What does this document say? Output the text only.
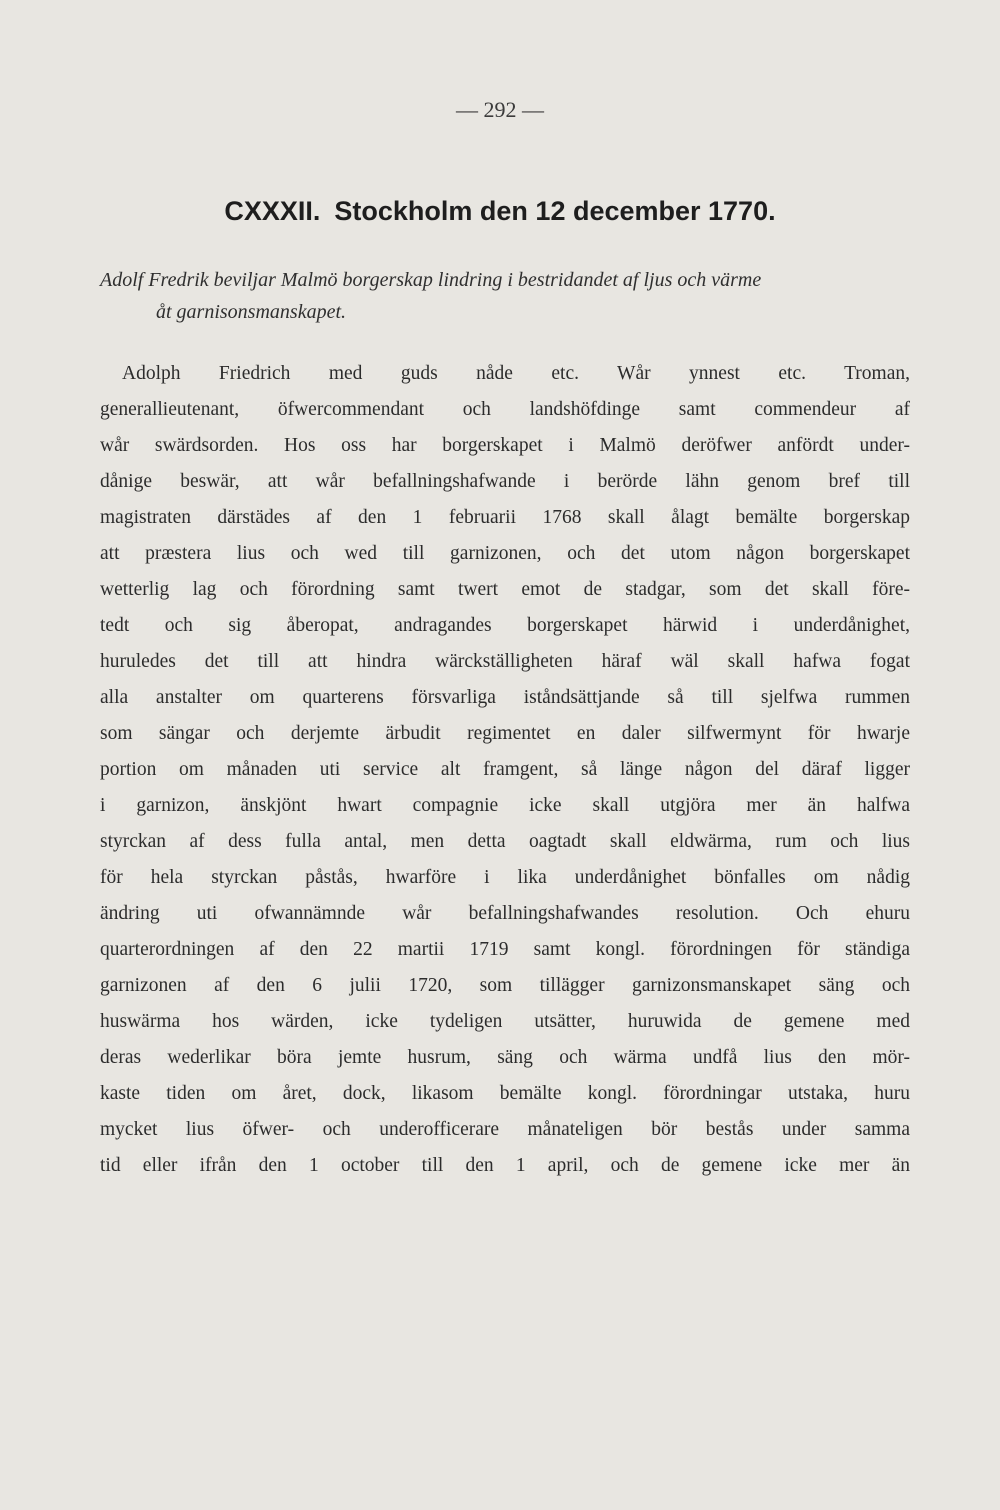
— 292 —
CXXXII. Stockholm den 12 december 1770.
Adolf Fredrik beviljar Malmö borgerskap lindring i bestridandet af ljus och värme
åt garnisonsmanskapet.
Adolph Friedrich med guds nåde etc. Wår ynnest etc. Troman,
generallieutenant, öfwercommendant och landshöfdinge samt commendeur af
wår swärdsorden. Hos oss har borgerskapet i Malmö deröfwer anfördt under-
dånige beswär, att wår befallningshafwande i berörde lähn genom bref till
magistraten därstädes af den 1 februarii 1768 skall ålagt bemälte borgerskap
att præstera lius och wed till garnizonen, och det utom någon borgerskapet
wetterlig lag och förordning samt twert emot de stadgar, som det skall före-
tedt och sig åberopat, andragandes borgerskapet härwid i underdånighet,
huruledes det till att hindra wärckställigheten häraf wäl skall hafwa fogat
alla anstalter om quarterens försvarliga iståndsättjande så till sjelfwa rummen
som sängar och derjemte ärbudit regimentet en daler silfwermynt för hwarje
portion om månaden uti service alt framgent, så länge någon del däraf ligger
i garnizon, änskjönt hwart compagnie icke skall utgjöra mer än halfwa
styrckan af dess fulla antal, men detta oagtadt skall eldwärma, rum och lius
för hela styrckan påstås, hwarföre i lika underdånighet bönfalles om nådig
ändring uti ofwannämnde wår befallningshafwandes resolution. Och ehuru
quarterordningen af den 22 martii 1719 samt kongl. förordningen för ständiga
garnizonen af den 6 julii 1720, som tillägger garnizonsmanskapet säng och
huswärma hos wärden, icke tydeligen utsätter, huruwida de gemene med
deras wederlikar böra jemte husrum, säng och wärma undfå lius den mör-
kaste tiden om året, dock, likasom bemälte kongl. förordningar utstaka, huru
mycket lius öfwer- och underofficerare månateligen bör bestås under samma
tid eller ifrån den 1 october till den 1 april, och de gemene icke mer än
